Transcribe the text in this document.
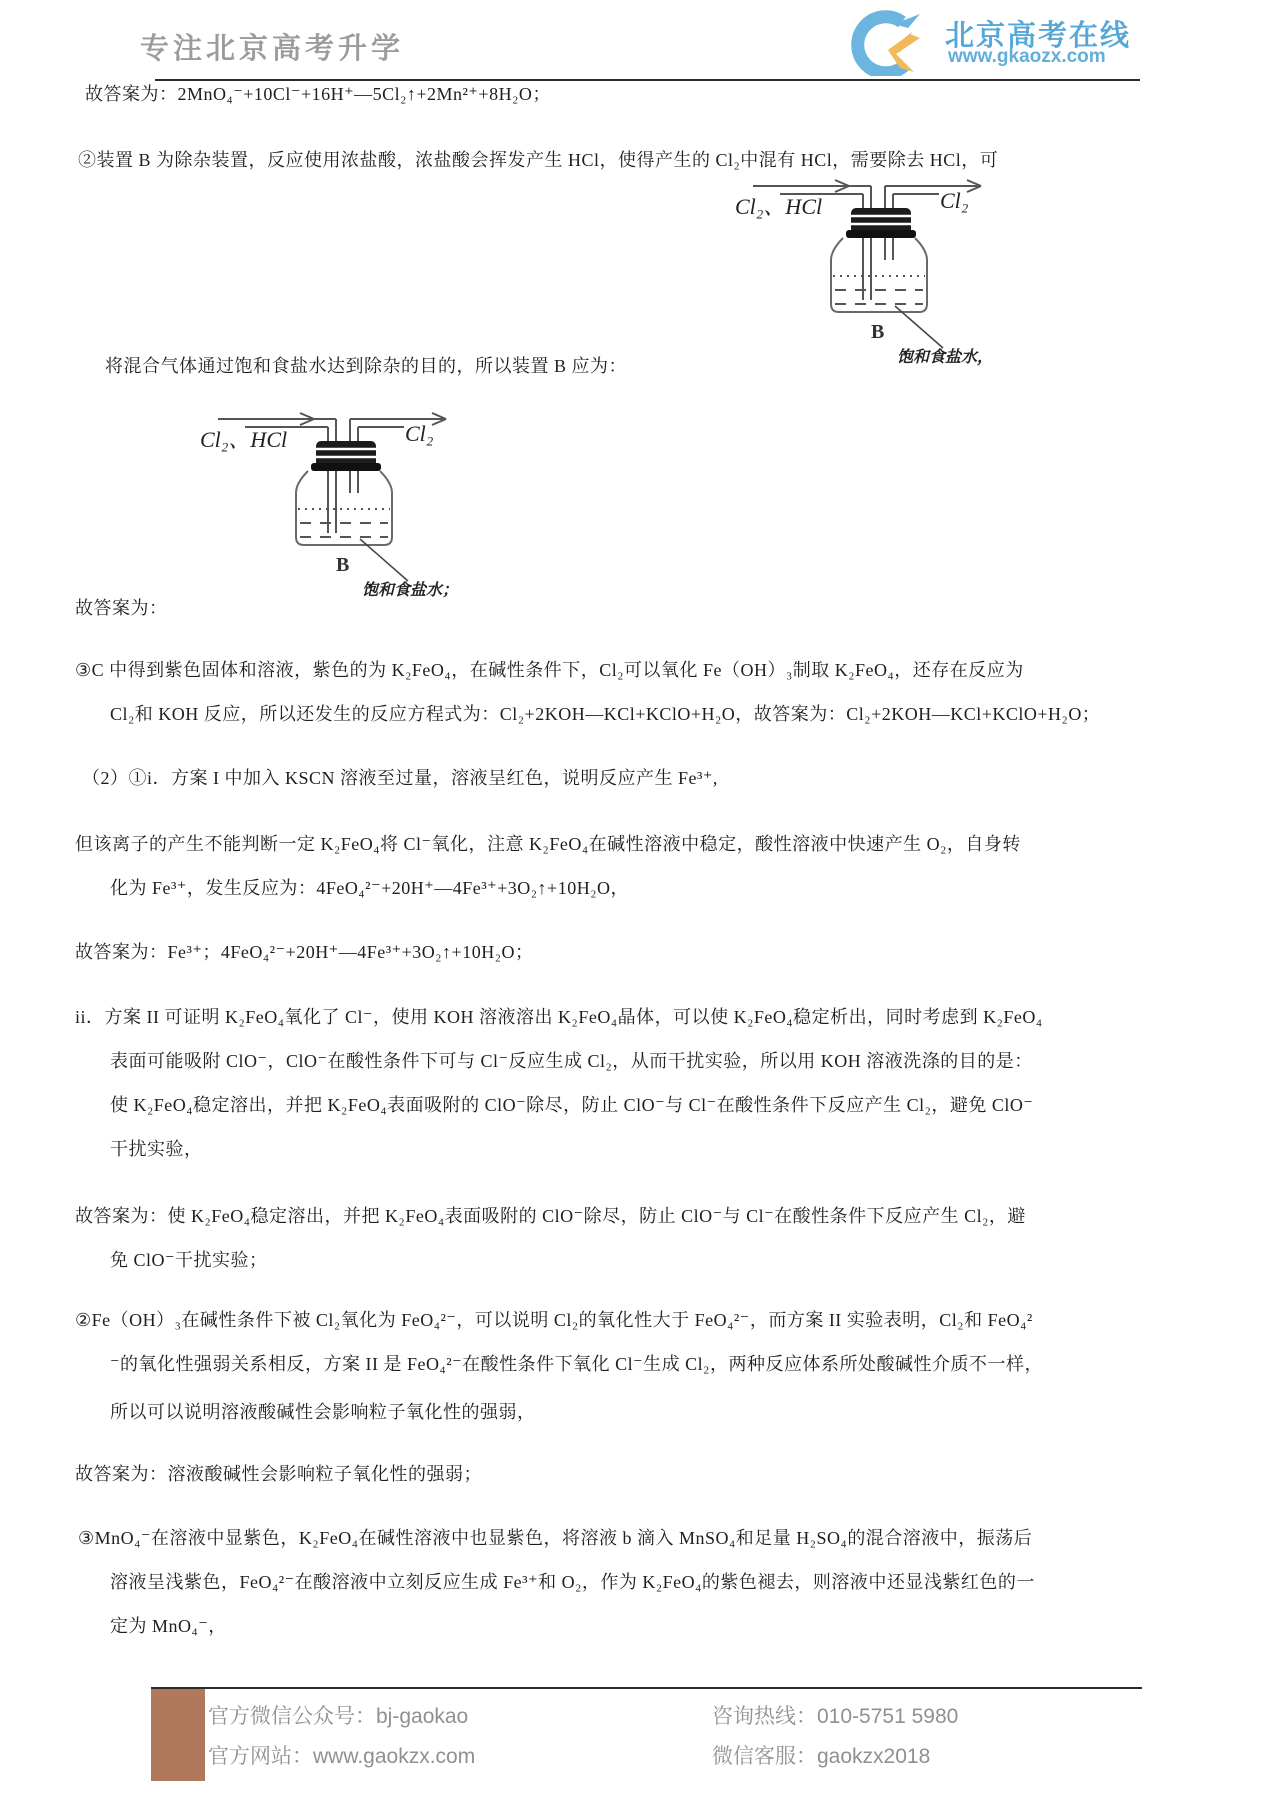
专注北京高考升学	北京高考在线
www.gkaozx.com
故答案为：2MnO₄⁻+10Cl⁻+16H⁺—5Cl₂↑+2Mn²⁺+8H₂O；
②装置 B 为除杂装置，反应使用浓盐酸，浓盐酸会挥发产生 HCl，使得产生的 Cl₂中混有 HCl，需要除去 HCl，可
将混合气体通过饱和食盐水达到除杂的目的，所以装置 B 应为：
故答案为：
③C 中得到紫色固体和溶液，紫色的为 K₂FeO₄，在碱性条件下，Cl₂可以氧化 Fe（OH）₃制取 K₂FeO₄，还存在反应为
Cl₂和 KOH 反应，所以还发生的反应方程式为：Cl₂+2KOH—KCl+KClO+H₂O，故答案为：Cl₂+2KOH—KCl+KClO+H₂O；
（2）①i．方案 I 中加入 KSCN 溶液至过量，溶液呈红色，说明反应产生 Fe³⁺,
但该离子的产生不能判断一定 K₂FeO₄将 Cl⁻氧化，注意 K₂FeO₄在碱性溶液中稳定，酸性溶液中快速产生 O₂，自身转
化为 Fe³⁺，发生反应为：4FeO₄²⁻+20H⁺—4Fe³⁺+3O₂↑+10H₂O，
故答案为：Fe³⁺；4FeO₄²⁻+20H⁺—4Fe³⁺+3O₂↑+10H₂O；
ii．方案 II 可证明 K₂FeO₄氧化了 Cl⁻，使用 KOH 溶液溶出 K₂FeO₄晶体，可以使 K₂FeO₄稳定析出，同时考虑到 K₂FeO₄
表面可能吸附 ClO⁻，ClO⁻在酸性条件下可与 Cl⁻反应生成 Cl₂，从而干扰实验，所以用 KOH 溶液洗涤的目的是：
使 K₂FeO₄稳定溶出，并把 K₂FeO₄表面吸附的 ClO⁻除尽，防止 ClO⁻与 Cl⁻在酸性条件下反应产生 Cl₂，避免 ClO⁻
干扰实验，
故答案为：使 K₂FeO₄稳定溶出，并把 K₂FeO₄表面吸附的 ClO⁻除尽，防止 ClO⁻与 Cl⁻在酸性条件下反应产生 Cl₂，避
免 ClO⁻干扰实验；
②Fe（OH）₃在碱性条件下被 Cl₂氧化为 FeO₄²⁻，可以说明 Cl₂的氧化性大于 FeO₄²⁻，而方案 II 实验表明，Cl₂和 FeO₄²
⁻的氧化性强弱关系相反，方案 II 是 FeO₄²⁻在酸性条件下氧化 Cl⁻生成 Cl₂，两种反应体系所处酸碱性介质不一样，
所以可以说明溶液酸碱性会影响粒子氧化性的强弱，
故答案为：溶液酸碱性会影响粒子氧化性的强弱；
③MnO₄⁻在溶液中显紫色，K₂FeO₄在碱性溶液中也显紫色，将溶液 b 滴入 MnSO₄和足量 H₂SO₄的混合溶液中，振荡后
溶液呈浅紫色，FeO₄²⁻在酸溶液中立刻反应生成 Fe³⁺和 O₂，作为 K₂FeO₄的紫色褪去，则溶液中还显浅紫红色的一
定为 MnO₄⁻，
B
Cl₂、HCl	Cl₂
饱和食盐水，
B
Cl₂、HCl	Cl₂
饱和食盐水；
官方微信公众号：bj-gaokao
官方网站：www.gaokzx.com
咨询热线：010-5751 5980
微信客服：gaokzx2018
